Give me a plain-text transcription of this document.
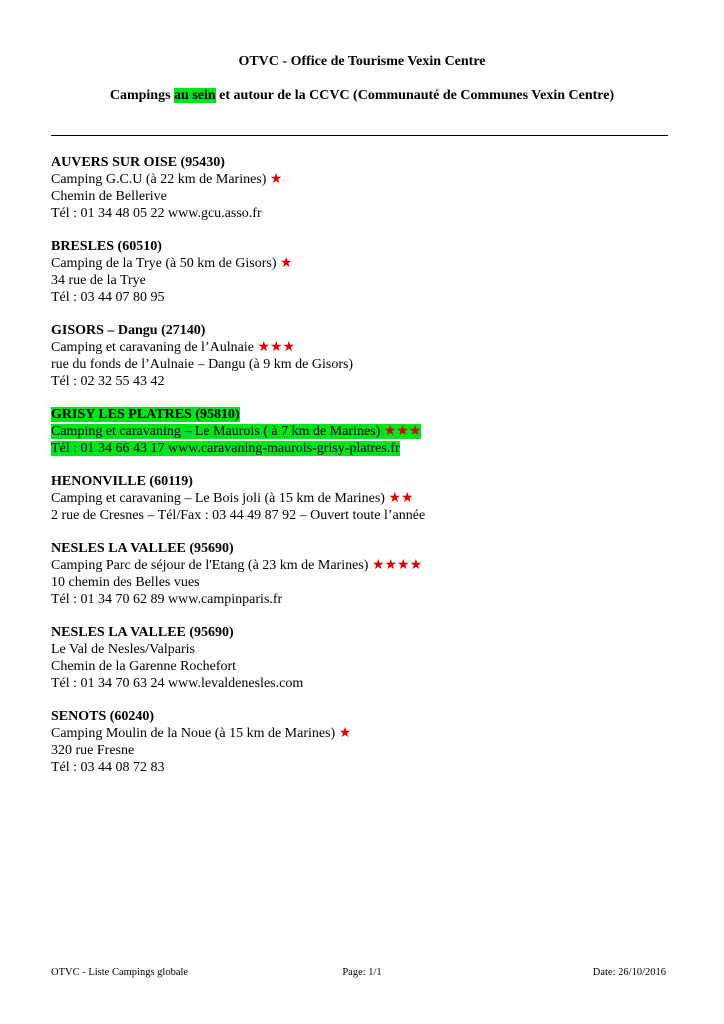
OTVC - Office de Tourisme Vexin Centre
Campings au sein et autour de la CCVC (Communauté de Communes Vexin Centre)
AUVERS SUR OISE (95430)
Camping G.C.U (à 22 km de Marines) ★
Chemin de Bellerive
Tél : 01 34 48 05 22 www.gcu.asso.fr
BRESLES (60510)
Camping de la Trye (à 50 km de Gisors) ★
34 rue de la Trye
Tél : 03 44 07 80 95
GISORS – Dangu (27140)
Camping et caravaning de l’Aulnaie ★★★
rue du fonds de l’Aulnaie – Dangu (à 9 km de Gisors)
Tél : 02 32 55 43 42
GRISY LES PLATRES (95810)
Camping et caravaning – Le Maurois ( à 7 km de Marines) ★★★
Tél : 01 34 66 43 17 www.caravaning-maurois-grisy-platres.fr
HENONVILLE (60119)
Camping et caravaning – Le Bois joli (à 15 km de Marines) ★★
2 rue de Cresnes – Tél/Fax : 03 44 49 87 92 – Ouvert toute l’année
NESLES LA VALLEE (95690)
Camping Parc de séjour de l'Etang (à 23 km de Marines) ★★★★
10 chemin des Belles vues
Tél : 01 34 70 62 89 www.campinparis.fr
NESLES LA VALLEE (95690)
Le Val de Nesles/Valparis
Chemin de la Garenne Rochefort
Tél : 01 34 70 63 24 www.levaldenesles.com
SENOTS (60240)
Camping Moulin de la Noue (à 15 km de Marines) ★
320 rue Fresne
Tél : 03 44 08 72 83
OTVC - Liste Campings globale	Page: 1/1	Date: 26/10/2016
